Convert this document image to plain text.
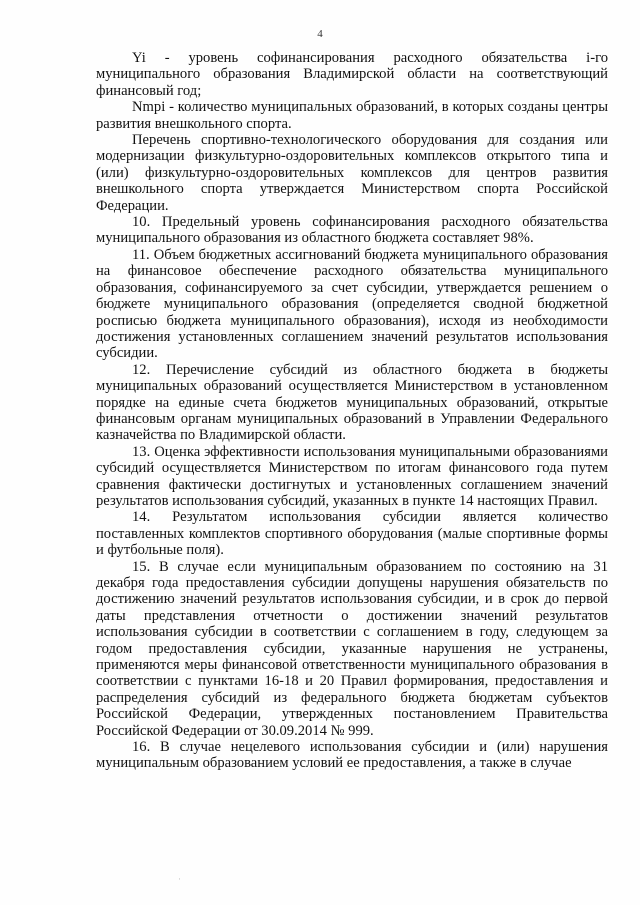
4

Yi - уровень софинансирования расходного обязательства i-го муниципального образования Владимирской области на соответствующий финансовый год;

Nmpi - количество муниципальных образований, в которых созданы центры развития внешкольного спорта.

Перечень спортивно-технологического оборудования для создания или модернизации физкультурно-оздоровительных комплексов открытого типа и (или) физкультурно-оздоровительных комплексов для центров развития внешкольного спорта утверждается Министерством спорта Российской Федерации.

10. Предельный уровень софинансирования расходного обязательства муниципального образования из областного бюджета составляет 98%.

11. Объем бюджетных ассигнований бюджета муниципального образования на финансовое обеспечение расходного обязательства муниципального образования, софинансируемого за счет субсидии, утверждается решением о бюджете муниципального образования (определяется сводной бюджетной росписью бюджета муниципального образования), исходя из необходимости достижения установленных соглашением значений результатов использования субсидии.

12. Перечисление субсидий из областного бюджета в бюджеты муниципальных образований осуществляется Министерством в установленном порядке на единые счета бюджетов муниципальных образований, открытые финансовым органам муниципальных образований в Управлении Федерального казначейства по Владимирской области.

13. Оценка эффективности использования муниципальными образованиями субсидий осуществляется Министерством по итогам финансового года путем сравнения фактически достигнутых и установленных соглашением значений результатов использования субсидий, указанных в пункте 14 настоящих Правил.

14. Результатом использования субсидии является количество поставленных комплектов спортивного оборудования (малые спортивные формы и футбольные поля).

15. В случае если муниципальным образованием по состоянию на 31 декабря года предоставления субсидии допущены нарушения обязательств по достижению значений результатов использования субсидии, и в срок до первой даты представления отчетности о достижении значений результатов использования субсидии в соответствии с соглашением в году, следующем за годом предоставления субсидии, указанные нарушения не устранены, применяются меры финансовой ответственности муниципального образования в соответствии с пунктами 16-18 и 20 Правил формирования, предоставления и распределения субсидий из федерального бюджета бюджетам субъектов Российской Федерации, утвержденных постановлением Правительства Российской Федерации от 30.09.2014 № 999.

16. В случае нецелевого использования субсидии и (или) нарушения муниципальным образованием условий ее предоставления, а также в случае

·
